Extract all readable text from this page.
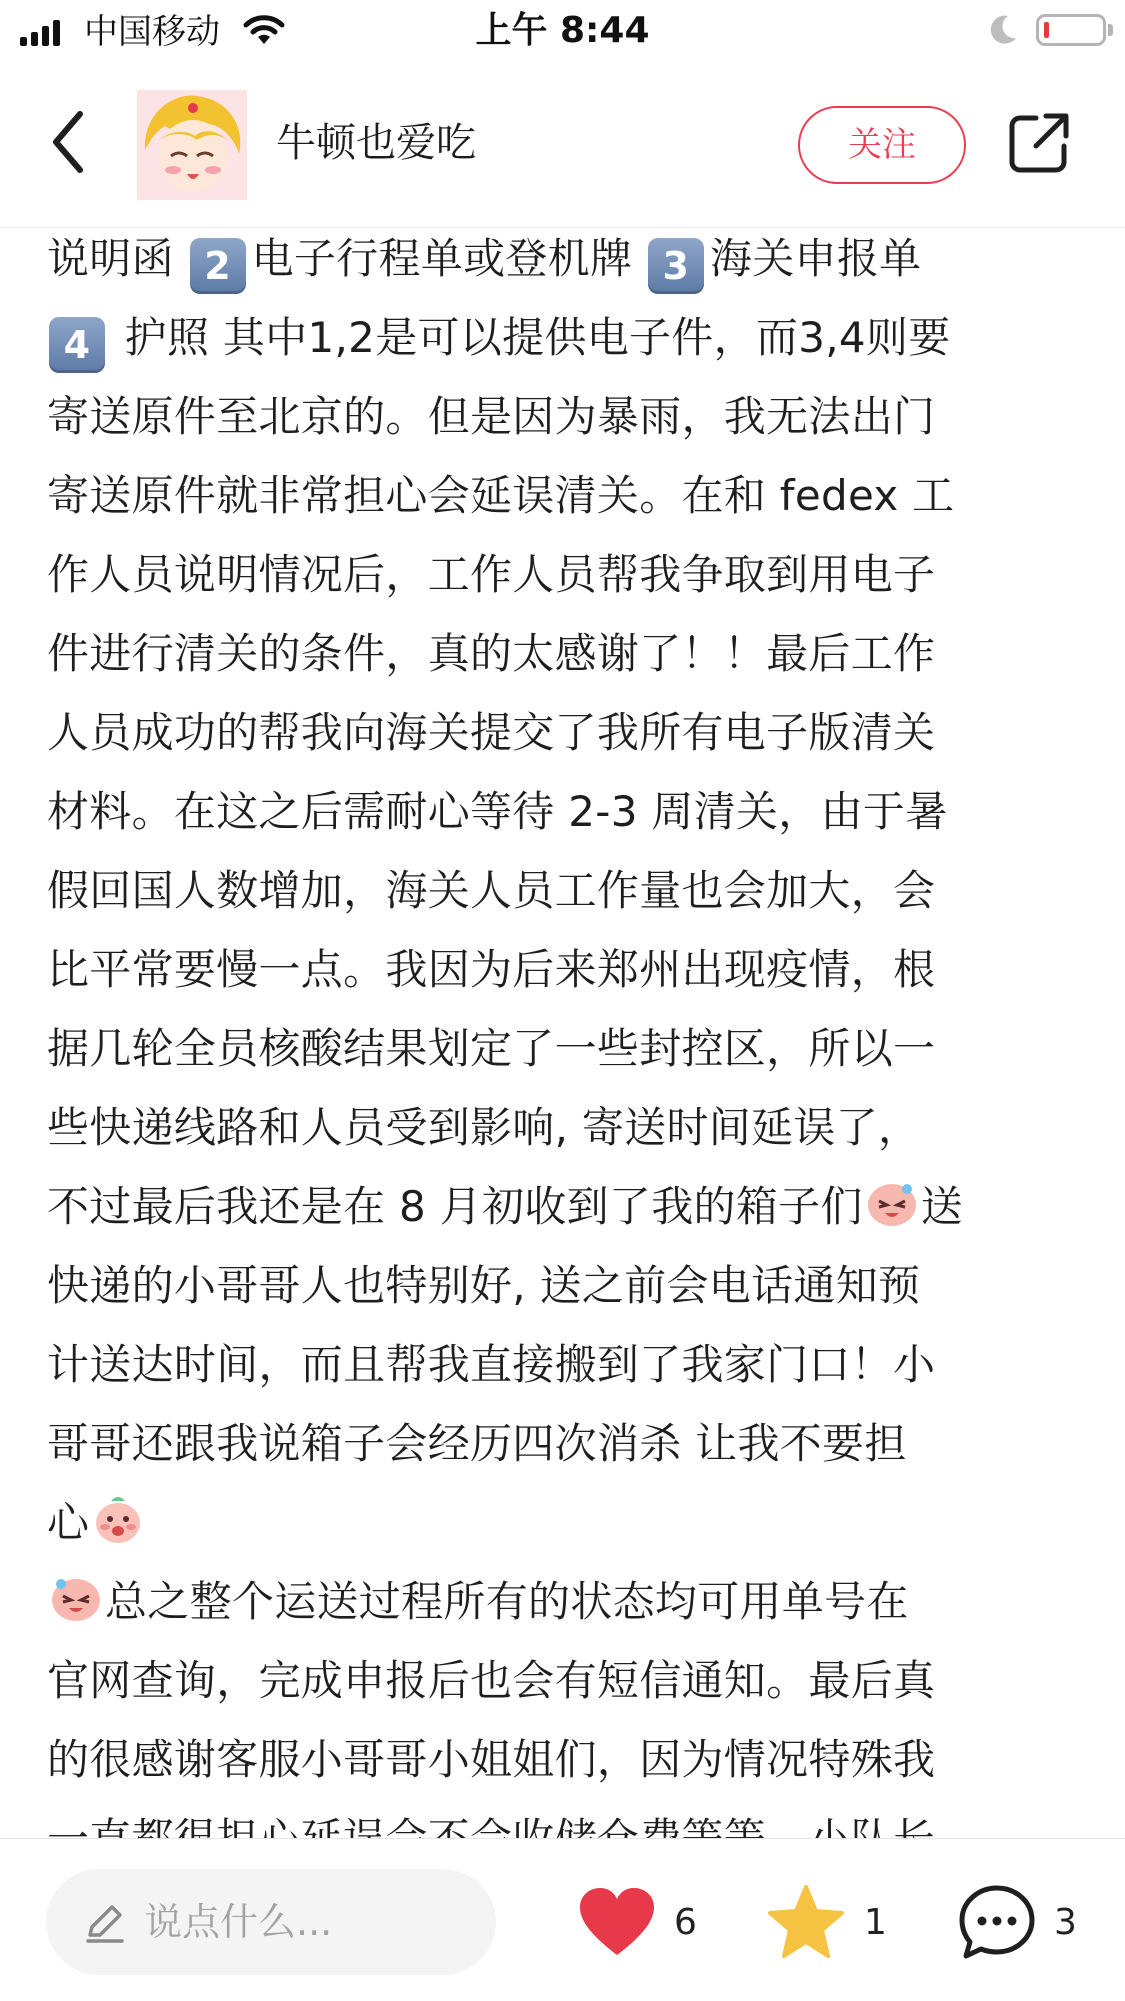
中国移动	上午 8:44
牛顿也爱吃	关注
说明函 2 电子行程单或登机牌 3 海关申报单
4 护照 其中1,2是可以提供电子件，而3,4则要
寄送原件至北京的。但是因为暴雨，我无法出门
寄送原件就非常担心会延误清关。在和 fedex 工
作人员说明情况后，工作人员帮我争取到用电子
件进行清关的条件，真的太感谢了！！最后工作
人员成功的帮我向海关提交了我所有电子版清关
材料。在这之后需耐心等待 2-3 周清关，由于暑
假回国人数增加，海关人员工作量也会加大，会
比平常要慢一点。我因为后来郑州出现疫情，根
据几轮全员核酸结果划定了一些封控区，所以一
些快递线路和人员受到影响, 寄送时间延误了，
不过最后我还是在 8 月初收到了我的箱子们 送
快递的小哥哥人也特别好, 送之前会电话通知预
计送达时间，而且帮我直接搬到了我家门口！小
哥哥还跟我说箱子会经历四次消杀 让我不要担
心
总之整个运送过程所有的状态均可用单号在
官网查询，完成申报后也会有短信通知。最后真
的很感谢客服小哥哥小姐姐们，因为情况特殊我
说点什么...
6	1	3
